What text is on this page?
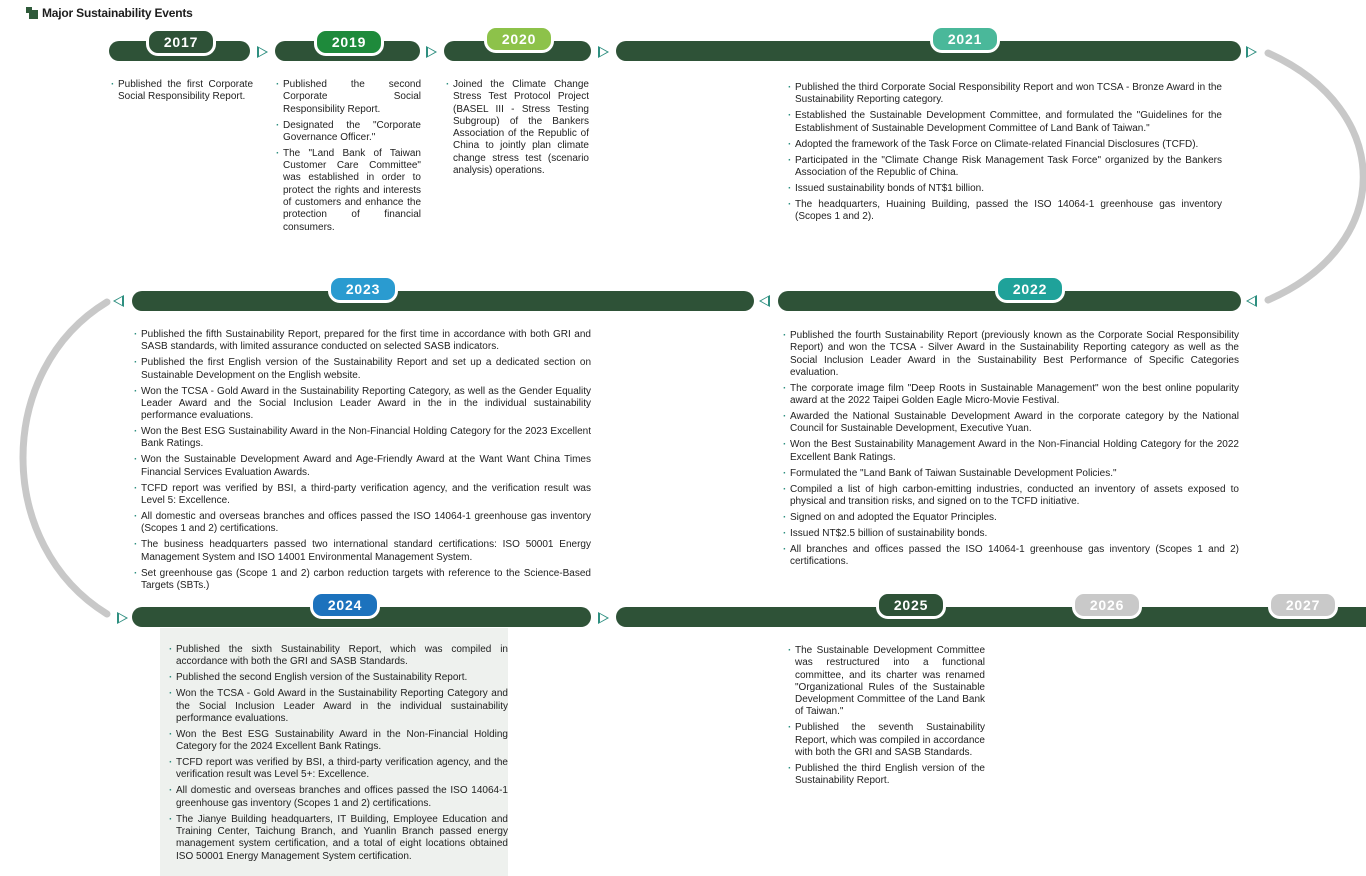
Major Sustainability Events
2017	2019	2020	2021
2022
2023
2024	2025	2026	2027
· Published the first Corporate Social Responsibility Report.
· Published the second Corporate Social Responsibility Report.
· Designated the "Corporate Governance Officer."
· The "Land Bank of Taiwan Customer Care Committee" was established in order to protect the rights and interests of customers and enhance the protection of financial consumers.
· Joined the Climate Change Stress Test Protocol Project (BASEL III - Stress Testing Subgroup) of the Bankers Association of the Republic of China to jointly plan climate change stress test (scenario analysis) operations.
· Published the third Corporate Social Responsibility Report and won TCSA - Bronze Award in the Sustainability Reporting category.
· Established the Sustainable Development Committee, and formulated the "Guidelines for the Establishment of Sustainable Development Committee of Land Bank of Taiwan."
· Adopted the framework of the Task Force on Climate-related Financial Disclosures (TCFD).
· Participated in the "Climate Change Risk Management Task Force" organized by the Bankers Association of the Republic of China.
· Issued sustainability bonds of NT$1 billion.
· The headquarters, Huaining Building, passed the ISO 14064-1 greenhouse gas inventory (Scopes 1 and 2).
· Published the fourth Sustainability Report (previously known as the Corporate Social Responsibility Report) and won the TCSA - Silver Award in the Sustainability Reporting category as well as the Social Inclusion Leader Award in the Sustainability Best Performance of Specific Categories evaluation.
· The corporate image film "Deep Roots in Sustainable Management" won the best online popularity award at the 2022 Taipei Golden Eagle Micro-Movie Festival.
· Awarded the National Sustainable Development Award in the corporate category by the National Council for Sustainable Development, Executive Yuan.
· Won the Best Sustainability Management Award in the Non-Financial Holding Category for the 2022 Excellent Bank Ratings.
· Formulated the "Land Bank of Taiwan Sustainable Development Policies."
· Compiled a list of high carbon-emitting industries, conducted an inventory of assets exposed to physical and transition risks, and signed on to the TCFD initiative.
· Signed on and adopted the Equator Principles.
· Issued NT$2.5 billion of sustainability bonds.
· All branches and offices passed the ISO 14064-1 greenhouse gas inventory (Scopes 1 and 2) certifications.
· Published the fifth Sustainability Report, prepared for the first time in accordance with both GRI and SASB standards, with limited assurance conducted on selected SASB indicators.
· Published the first English version of the Sustainability Report and set up a dedicated section on Sustainable Development on the English website.
· Won the TCSA - Gold Award in the Sustainability Reporting Category, as well as the Gender Equality Leader Award and the Social Inclusion Leader Award in the in the individual sustainability performance evaluations.
· Won the Best ESG Sustainability Award in the Non-Financial Holding Category for the 2023 Excellent Bank Ratings.
· Won the Sustainable Development Award and Age-Friendly Award at the Want Want China Times Financial Services Evaluation Awards.
· TCFD report was verified by BSI, a third-party verification agency, and the verification result was Level 5: Excellence.
· All domestic and overseas branches and offices passed the ISO 14064-1 greenhouse gas inventory (Scopes 1 and 2) certifications.
· The business headquarters passed two international standard certifications: ISO 50001 Energy Management System and ISO 14001 Environmental Management System.
· Set greenhouse gas (Scope 1 and 2) carbon reduction targets with reference to the Science-Based Targets (SBTs.)
· Published the sixth Sustainability Report, which was compiled in accordance with both the GRI and SASB Standards.
· Published the second English version of the Sustainability Report.
· Won the TCSA - Gold Award in the Sustainability Reporting Category and the Social Inclusion Leader Award in the individual sustainability performance evaluations.
· Won the Best ESG Sustainability Award in the Non-Financial Holding Category for the 2024 Excellent Bank Ratings.
· TCFD report was verified by BSI, a third-party verification agency, and the verification result was Level 5+: Excellence.
· All domestic and overseas branches and offices passed the ISO 14064-1 greenhouse gas inventory (Scopes 1 and 2) certifications.
· The Jianye Building headquarters, IT Building, Employee Education and Training Center, Taichung Branch, and Yuanlin Branch passed energy management system certification, and a total of eight locations obtained ISO 50001 Energy Management System certification.
· The Sustainable Development Committee was restructured into a functional committee, and its charter was renamed "Organizational Rules of the Sustainable Development Committee of the Land Bank of Taiwan."
· Published the seventh Sustainability Report, which was compiled in accordance with both the GRI and SASB Standards.
· Published the third English version of the Sustainability Report.
